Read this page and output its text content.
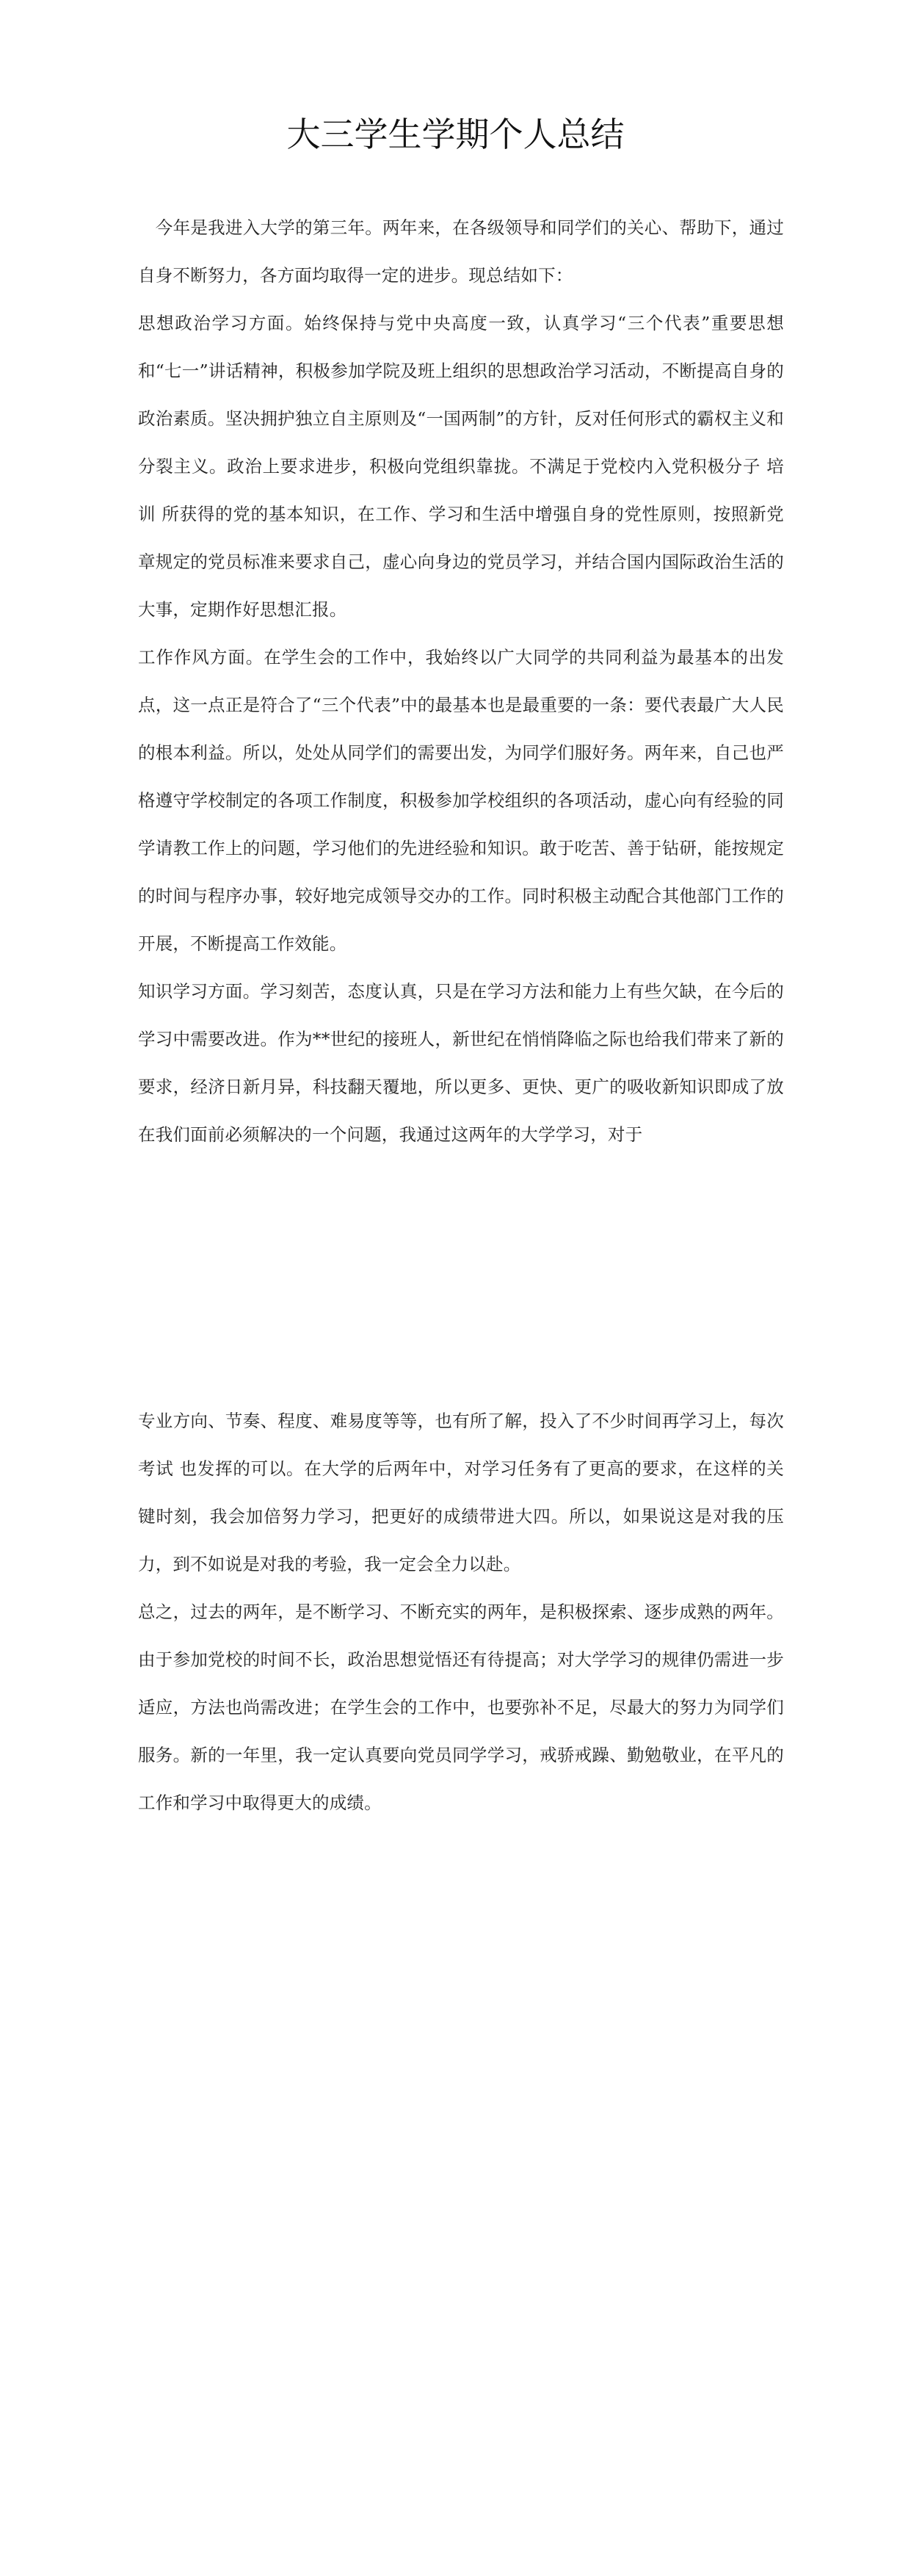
大三学生学期个人总结

　今年是我进入大学的第三年。两年来，在各级领导和同学们的关心、帮助下，通过自身不断努力，各方面均取得一定的进步。现总结如下：

思想政治学习方面。始终保持与党中央高度一致，认真学习“三个代表”重要思想和“七一”讲话精神，积极参加学院及班上组织的思想政治学习活动，不断提高自身的政治素质。坚决拥护独立自主原则及“一国两制”的方针，反对任何形式的霸权主义和分裂主义。政治上要求进步，积极向党组织靠拢。不满足于党校内入党积极分子 培训 所获得的党的基本知识，在工作、学习和生活中增强自身的党性原则，按照新党章规定的党员标准来要求自己，虚心向身边的党员学习，并结合国内国际政治生活的大事，定期作好思想汇报。

工作作风方面。在学生会的工作中，我始终以广大同学的共同利益为最基本的出发点，这一点正是符合了“三个代表”中的最基本也是最重要的一条：要代表最广大人民的根本利益。所以，处处从同学们的需要出发，为同学们服好务。两年来，自己也严格遵守学校制定的各项工作制度，积极参加学校组织的各项活动，虚心向有经验的同学请教工作上的问题，学习他们的先进经验和知识。敢于吃苦、善于钻研，能按规定的时间与程序办事，较好地完成领导交办的工作。同时积极主动配合其他部门工作的开展，不断提高工作效能。

知识学习方面。学习刻苦，态度认真，只是在学习方法和能力上有些欠缺，在今后的学习中需要改进。作为**世纪的接班人，新世纪在悄悄降临之际也给我们带来了新的要求，经济日新月异，科技翻天覆地，所以更多、更快、更广的吸收新知识即成了放在我们面前必须解决的一个问题，我通过这两年的大学学习，对于

专业方向、节奏、程度、难易度等等，也有所了解，投入了不少时间再学习上，每次 考试 也发挥的可以。在大学的后两年中，对学习任务有了更高的要求，在这样的关键时刻，我会加倍努力学习，把更好的成绩带进大四。所以，如果说这是对我的压力，到不如说是对我的考验，我一定会全力以赴。

总之，过去的两年，是不断学习、不断充实的两年，是积极探索、逐步成熟的两年。由于参加党校的时间不长，政治思想觉悟还有待提高；对大学学习的规律仍需进一步适应，方法也尚需改进；在学生会的工作中，也要弥补不足，尽最大的努力为同学们服务。新的一年里，我一定认真要向党员同学学习，戒骄戒躁、勤勉敬业，在平凡的工作和学习中取得更大的成绩。
